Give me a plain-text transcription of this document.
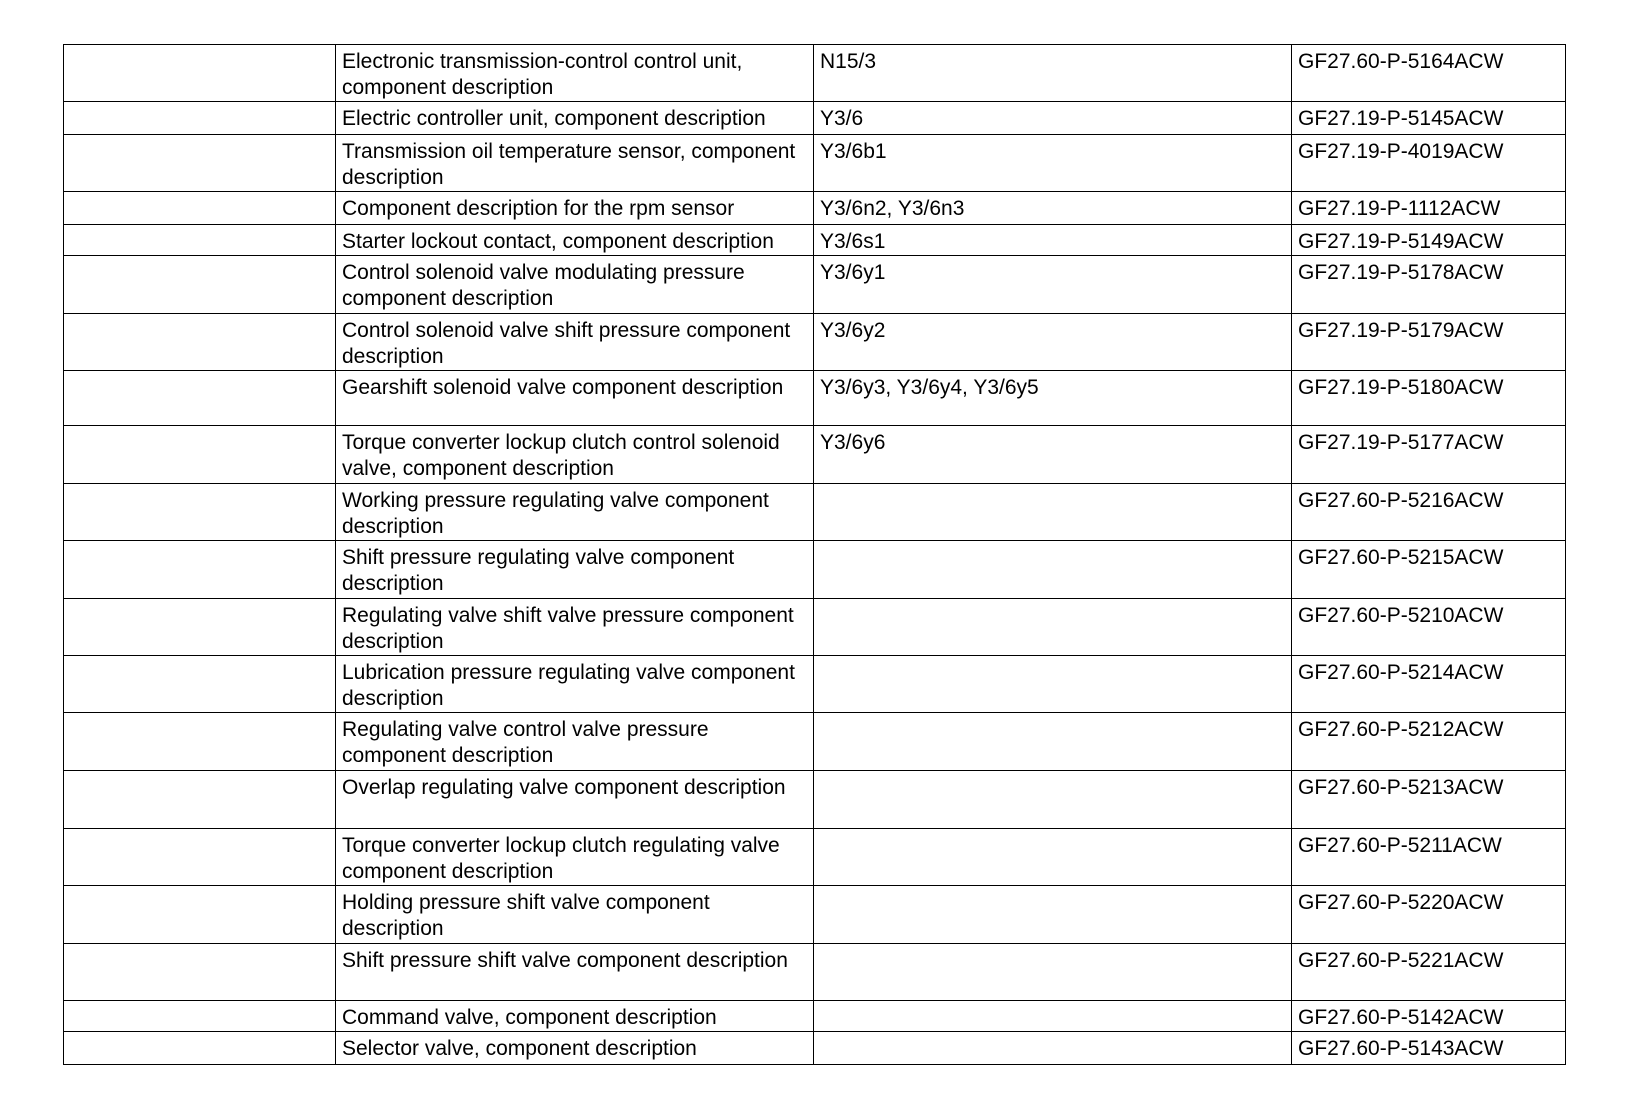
	Electronic transmission-control control unit, component description	N15/3	GF27.60-P-5164ACW
	Electric controller unit, component description	Y3/6	GF27.19-P-5145ACW
	Transmission oil temperature sensor, component description	Y3/6b1	GF27.19-P-4019ACW
	Component description for the rpm sensor	Y3/6n2, Y3/6n3	GF27.19-P-1112ACW
	Starter lockout contact, component description	Y3/6s1	GF27.19-P-5149ACW
	Control solenoid valve modulating pressure component description	Y3/6y1	GF27.19-P-5178ACW
	Control solenoid valve shift pressure component description	Y3/6y2	GF27.19-P-5179ACW
	Gearshift solenoid valve component description	Y3/6y3, Y3/6y4, Y3/6y5	GF27.19-P-5180ACW
	Torque converter lockup clutch control solenoid valve, component description	Y3/6y6	GF27.19-P-5177ACW
	Working pressure regulating valve component description		GF27.60-P-5216ACW
	Shift pressure regulating valve component description		GF27.60-P-5215ACW
	Regulating valve shift valve pressure component description		GF27.60-P-5210ACW
	Lubrication pressure regulating valve component description		GF27.60-P-5214ACW
	Regulating valve control valve pressure component description		GF27.60-P-5212ACW
	Overlap regulating valve component description		GF27.60-P-5213ACW
	Torque converter lockup clutch regulating valve component description		GF27.60-P-5211ACW
	Holding pressure shift valve component description		GF27.60-P-5220ACW
	Shift pressure shift valve component description		GF27.60-P-5221ACW
	Command valve, component description		GF27.60-P-5142ACW
	Selector valve, component description		GF27.60-P-5143ACW
